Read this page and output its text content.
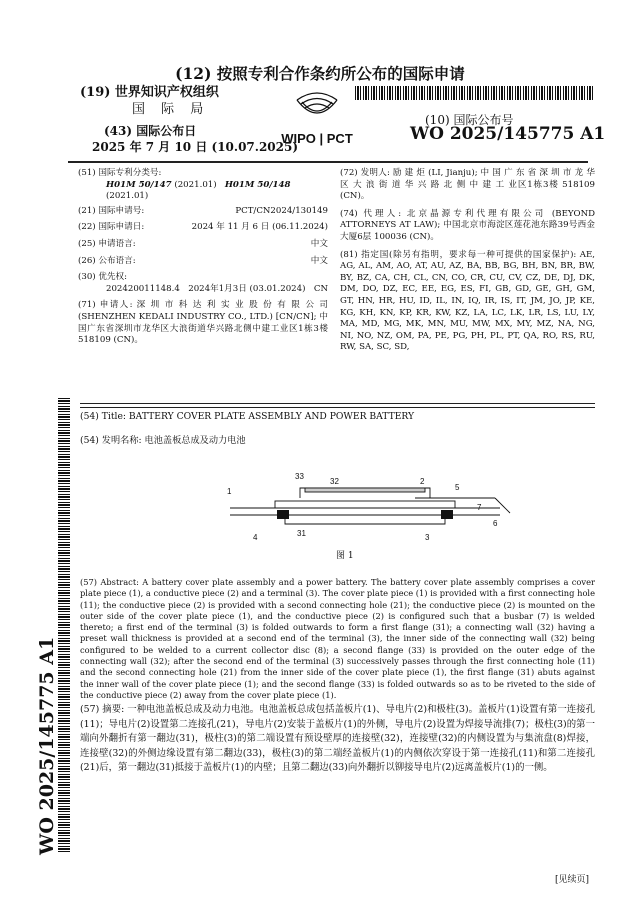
(12) 按照专利合作条约所公布的国际申请
(19) 世界知识产权组织
国 际 局
(43) 国际公布日
2025 年 7 月 10 日 (10.07.2025)
WIPO | PCT
(10) 国际公布号
WO 2025/145775 A1
(51) 国际专利分类号:
H01M 50/147 (2021.01) H01M 50/148 (2021.01)
(21) 国际申请号:	PCT/CN2024/130149
(22) 国际申请日:	2024 年 11 月 6 日 (06.11.2024)
(25) 申请语言:	中文
(26) 公布语言:	中文
(30) 优先权:
202420011148.4 2024年1月3日 (03.01.2024) CN
(71) 申请人: 深 圳 市 科 达 利 实 业 股 份 有 限 公 司 (SHENZHEN KEDALI INDUSTRY CO., LTD.) [CN/CN]; 中国广东省深圳市龙华区大浪街道华兴路北侧中建工业区1栋3楼 518109 (CN)。
(72) 发明人: 励 建 炬 (LI, Jianju); 中 国 广 东 省 深 圳 市 龙 华 区 大 浪 街 道 华 兴 路 北 侧 中 建 工 业区1栋3楼 518109 (CN)。
(74) 代理人: 北京晶源专利代理有限公司 (BEYOND ATTORNEYS AT LAW); 中国北京市海淀区莲花池东路39号西金大厦6层 100036 (CN)。
(81) 指定国(除另有指明，要求每一种可提供的国家保护): AE, AG, AL, AM, AO, AT, AU, AZ, BA, BB, BG, BH, BN, BR, BW, BY, BZ, CA, CH, CL, CN, CO, CR, CU, CV, CZ, DE, DJ, DK, DM, DO, DZ, EC, EE, EG, ES, FI, GB, GD, GE, GH, GM, GT, HN, HR, HU, ID, IL, IN, IQ, IR, IS, IT, JM, JO, JP, KE, KG, KH, KN, KP, KR, KW, KZ, LA, LC, LK, LR, LS, LU, LY, MA, MD, MG, MK, MN, MU, MW, MX, MY, MZ, NA, NG, NI, NO, NZ, OM, PA, PE, PG, PH, PL, PT, QA, RO, RS, RU, RW, SA, SC, SD,
WO 2025/145775 A1
(54) Title: BATTERY COVER PLATE ASSEMBLY AND POWER BATTERY
(54) 发明名称: 电池盖板总成及动力电池
33
32	2
5
1
7
6
4	31	3
图 1
(57) Abstract: A battery cover plate assembly and a power battery. The battery cover plate assembly comprises a cover plate piece (1), a conductive piece (2) and a terminal (3). The cover plate piece (1) is provided with a first connecting hole (11); the conductive piece (2) is provided with a second connecting hole (21); the conductive piece (2) is mounted on the outer side of the cover plate piece (1), and the conductive piece (2) is configured such that a busbar (7) is welded thereto; a first end of the terminal (3) is folded outwards to form a first flange (31); a connecting wall (32) having a preset wall thickness is provided at a second end of the terminal (3), the inner side of the connecting wall (32) being configured to be welded to a current collector disc (8); a second flange (33) is provided on the outer edge of the connecting wall (32); after the second end of the terminal (3) successively passes through the first connecting hole (11) and the second connecting hole (21) from the inner side of the cover plate piece (1), the first flange (31) abuts against the inner wall of the cover plate piece (1); and the second flange (33) is folded outwards so as to be riveted to the side of the conductive piece (2) away from the cover plate piece (1).
(57) 摘要: 一种电池盖板总成及动力电池。电池盖板总成包括盖板片(1)、导电片(2)和极柱(3)。盖板片(1)设置有第一连接孔(11)；导电片(2)设置第二连接孔(21)，导电片(2)安装于盖板片(1)的外侧，导电片(2)设置为焊接导流排(7)；极柱(3)的第一端向外翻折有第一翻边(31)，极柱(3)的第二端设置有预设壁厚的连接壁(32)，连接壁(32)的内侧设置为与集流盘(8)焊接，连接壁(32)的外侧边缘设置有第二翻边(33)，极柱(3)的第二端经盖板片(1)的内侧依次穿设于第一连接孔(11)和第二连接孔(21)后，第一翻边(31)抵接于盖板片(1)的内壁；且第二翻边(33)向外翻折以铆接导电片(2)远离盖板片(1)的一侧。
[见续页]
